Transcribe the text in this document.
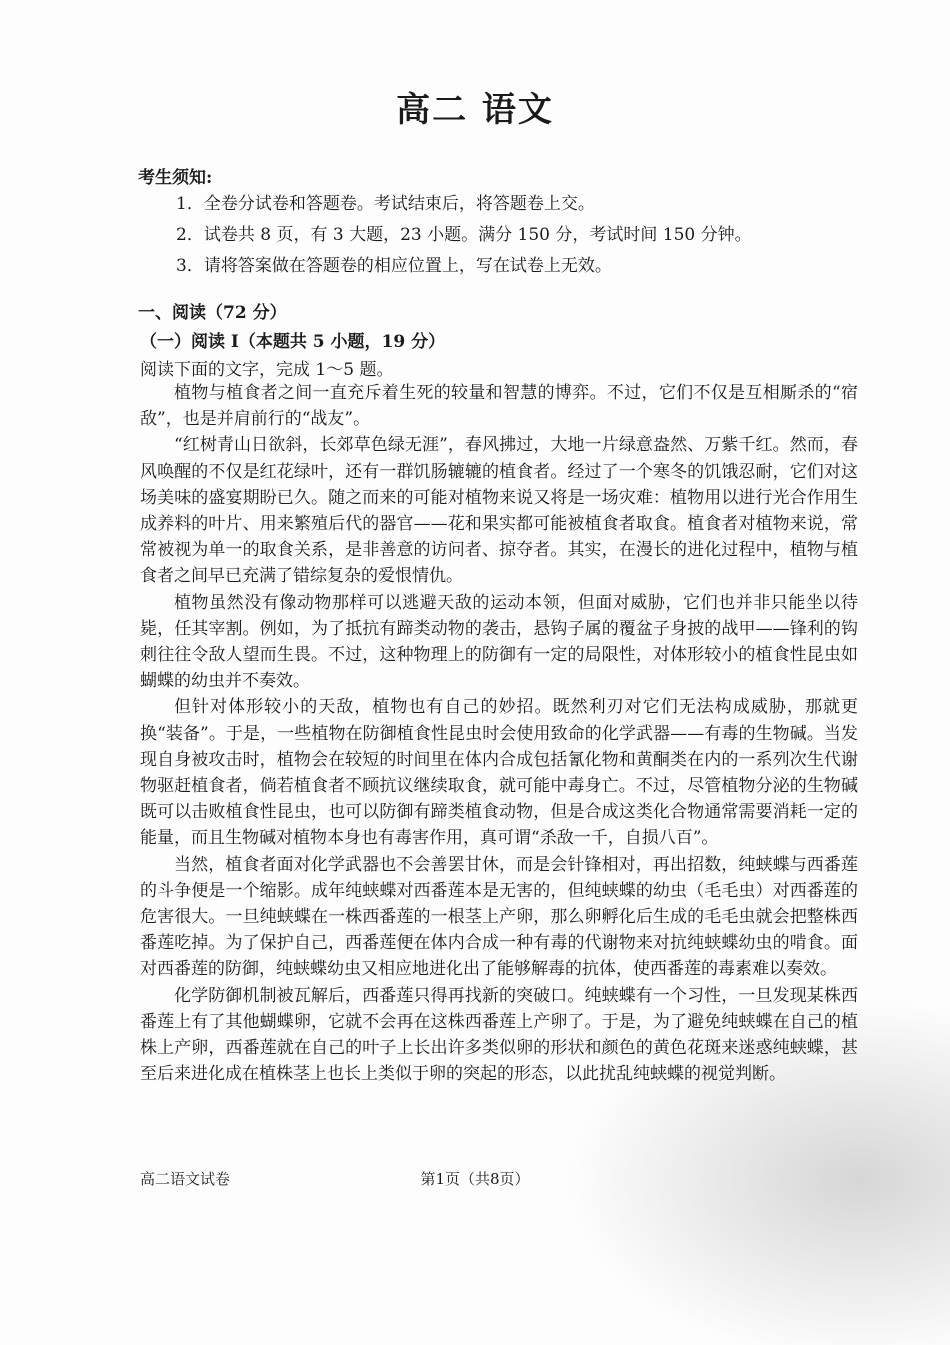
高二 语文
考生须知:
1．全卷分试卷和答题卷。考试结束后，将答题卷上交。
2．试卷共 8 页，有 3 大题，23 小题。满分 150 分，考试时间 150 分钟。
3．请将答案做在答题卷的相应位置上，写在试卷上无效。
一、阅读（72 分）
（一）阅读 I（本题共 5 小题，19 分）
阅读下面的文字，完成 1～5 题。

植物与植食者之间一直充斥着生死的较量和智慧的博弈。不过，它们不仅是互相厮杀的“宿敌”，也是并肩前行的“战友”。

“红树青山日欲斜，长郊草色绿无涯”，春风拂过，大地一片绿意盎然、万紫千红。然而，春风唤醒的不仅是红花绿叶，还有一群饥肠辘辘的植食者。经过了一个寒冬的饥饿忍耐，它们对这场美味的盛宴期盼已久。随之而来的可能对植物来说又将是一场灾难：植物用以进行光合作用生成养料的叶片、用来繁殖后代的器官——花和果实都可能被植食者取食。植食者对植物来说，常常被视为单一的取食关系，是非善意的访问者、掠夺者。其实，在漫长的进化过程中，植物与植食者之间早已充满了错综复杂的爱恨情仇。

植物虽然没有像动物那样可以逃避天敌的运动本领，但面对威胁，它们也并非只能坐以待毙，任其宰割。例如，为了抵抗有蹄类动物的袭击，悬钩子属的覆盆子身披的战甲——锋利的钩刺往往令敌人望而生畏。不过，这种物理上的防御有一定的局限性，对体形较小的植食性昆虫如蝴蝶的幼虫并不奏效。

但针对体形较小的天敌，植物也有自己的妙招。既然利刃对它们无法构成威胁，那就更换“装备”。于是，一些植物在防御植食性昆虫时会使用致命的化学武器——有毒的生物碱。当发现自身被攻击时，植物会在较短的时间里在体内合成包括氰化物和黄酮类在内的一系列次生代谢物驱赶植食者，倘若植食者不顾抗议继续取食，就可能中毒身亡。不过，尽管植物分泌的生物碱既可以击败植食性昆虫，也可以防御有蹄类植食动物，但是合成这类化合物通常需要消耗一定的能量，而且生物碱对植物本身也有毒害作用，真可谓“杀敌一千，自损八百”。

当然，植食者面对化学武器也不会善罢甘休，而是会针锋相对，再出招数，纯蛱蝶与西番莲的斗争便是一个缩影。成年纯蛱蝶对西番莲本是无害的，但纯蛱蝶的幼虫（毛毛虫）对西番莲的危害很大。一旦纯蛱蝶在一株西番莲的一根茎上产卵，那么卵孵化后生成的毛毛虫就会把整株西番莲吃掉。为了保护自己，西番莲便在体内合成一种有毒的代谢物来对抗纯蛱蝶幼虫的啃食。面对西番莲的防御，纯蛱蝶幼虫又相应地进化出了能够解毒的抗体，使西番莲的毒素难以奏效。

化学防御机制被瓦解后，西番莲只得再找新的突破口。纯蛱蝶有一个习性，一旦发现某株西番莲上有了其他蝴蝶卵，它就不会再在这株西番莲上产卵了。于是，为了避免纯蛱蝶在自己的植株上产卵，西番莲就在自己的叶子上长出许多类似卵的形状和颜色的黄色花斑来迷惑纯蛱蝶，甚至后来进化成在植株茎上也长上类似于卵的突起的形态，以此扰乱纯蛱蝶的视觉判断。

高二语文试卷	第1页（共8页）
